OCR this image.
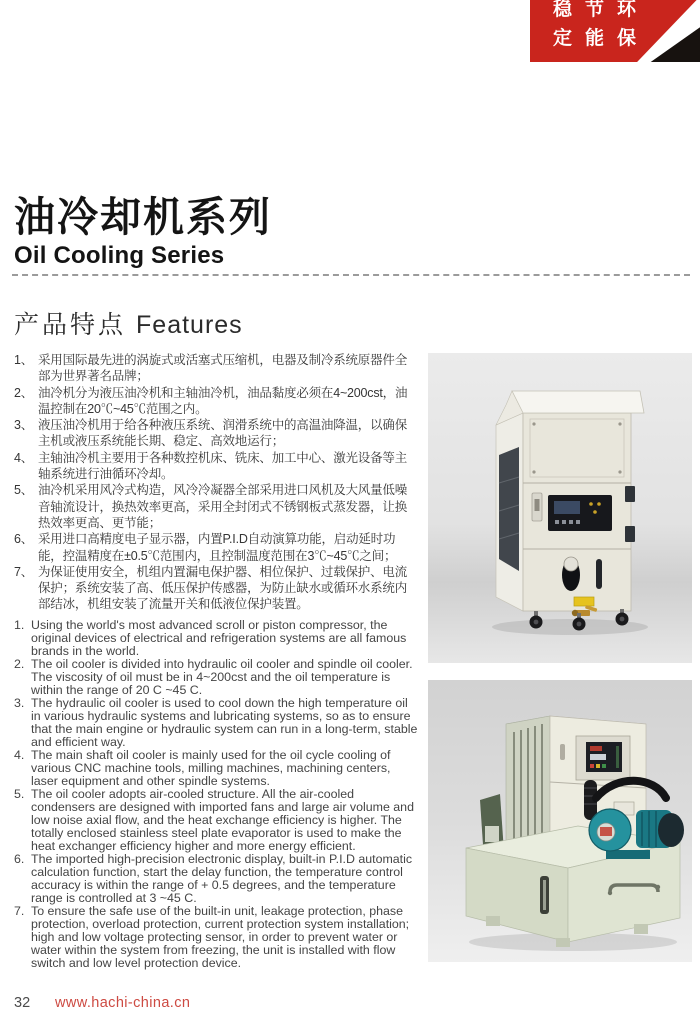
稳节环
定能保
油冷却机系列
Oil Cooling Series
产品特点 Features
1、 采用国际最先进的涡旋式或活塞式压缩机，电器及制冷系统原器件全部为世界著名品牌；
2、 油冷机分为液压油冷机和主轴油冷机，油品黏度必须在4~200cst，油温控制在20℃~45℃范围之内。
3、 液压油冷机用于给各种液压系统、润滑系统中的高温油降温，以确保主机或液压系统能长期、稳定、高效地运行；
4、 主轴油冷机主要用于各种数控机床、铣床、加工中心、激光设备等主轴系统进行油循环冷却。
5、 油冷机采用风冷式构造，风冷冷凝器全部采用进口风机及大风量低噪音轴流设计，换热效率更高，采用全封闭式不锈钢板式蒸发器，让换热效率更高、更节能；
6、 采用进口高精度电子显示器，内置P.I.D自动演算功能，启动延时功能，控温精度在±0.5℃范围内，且控制温度范围在3℃~45℃之间；
7、 为保证使用安全，机组内置漏电保护器、相位保护、过载保护、电流保护；系统安装了高、低压保护传感器，为防止缺水或循环水系统内部结冰，机组安装了流量开关和低液位保护装置。
1. Using the world's most advanced scroll or piston compressor, the original devices of electrical and refrigeration systems are all famous brands in the world.
2. The oil cooler is divided into hydraulic oil cooler and spindle oil cooler. The viscosity of oil must be in 4~200cst and the oil temperature is within the range of 20 C ~45 C.
3. The hydraulic oil cooler is used to cool down the high temperature oil in various hydraulic systems and lubricating systems, so as to ensure that the main engine or hydraulic system can run in a long-term, stable and efficient way.
4. The main shaft oil cooler is mainly used for the oil cycle cooling of various CNC machine tools, milling machines, machining centers, laser equipment and other spindle systems.
5. The oil cooler adopts air-cooled structure. All the air-cooled condensers are designed with imported fans and large air volume and low noise axial flow, and the heat exchange efficiency is higher. The totally enclosed stainless steel plate evaporator is used to make the heat exchanger efficiency higher and more energy efficient.
6. The imported high-precision electronic display, built-in P.I.D automatic calculation function, start the delay function, the temperature control accuracy is within the range of + 0.5 degrees, and the temperature range is controlled at 3 ~45 C.
7. To ensure the safe use of the built-in unit, leakage protection, phase protection, overload protection, current protection system installation; high and low voltage protecting sensor, in order to prevent water or water within the system from freezing, the unit is installed with flow switch and low level protection device.
32 www.hachi-china.cn
